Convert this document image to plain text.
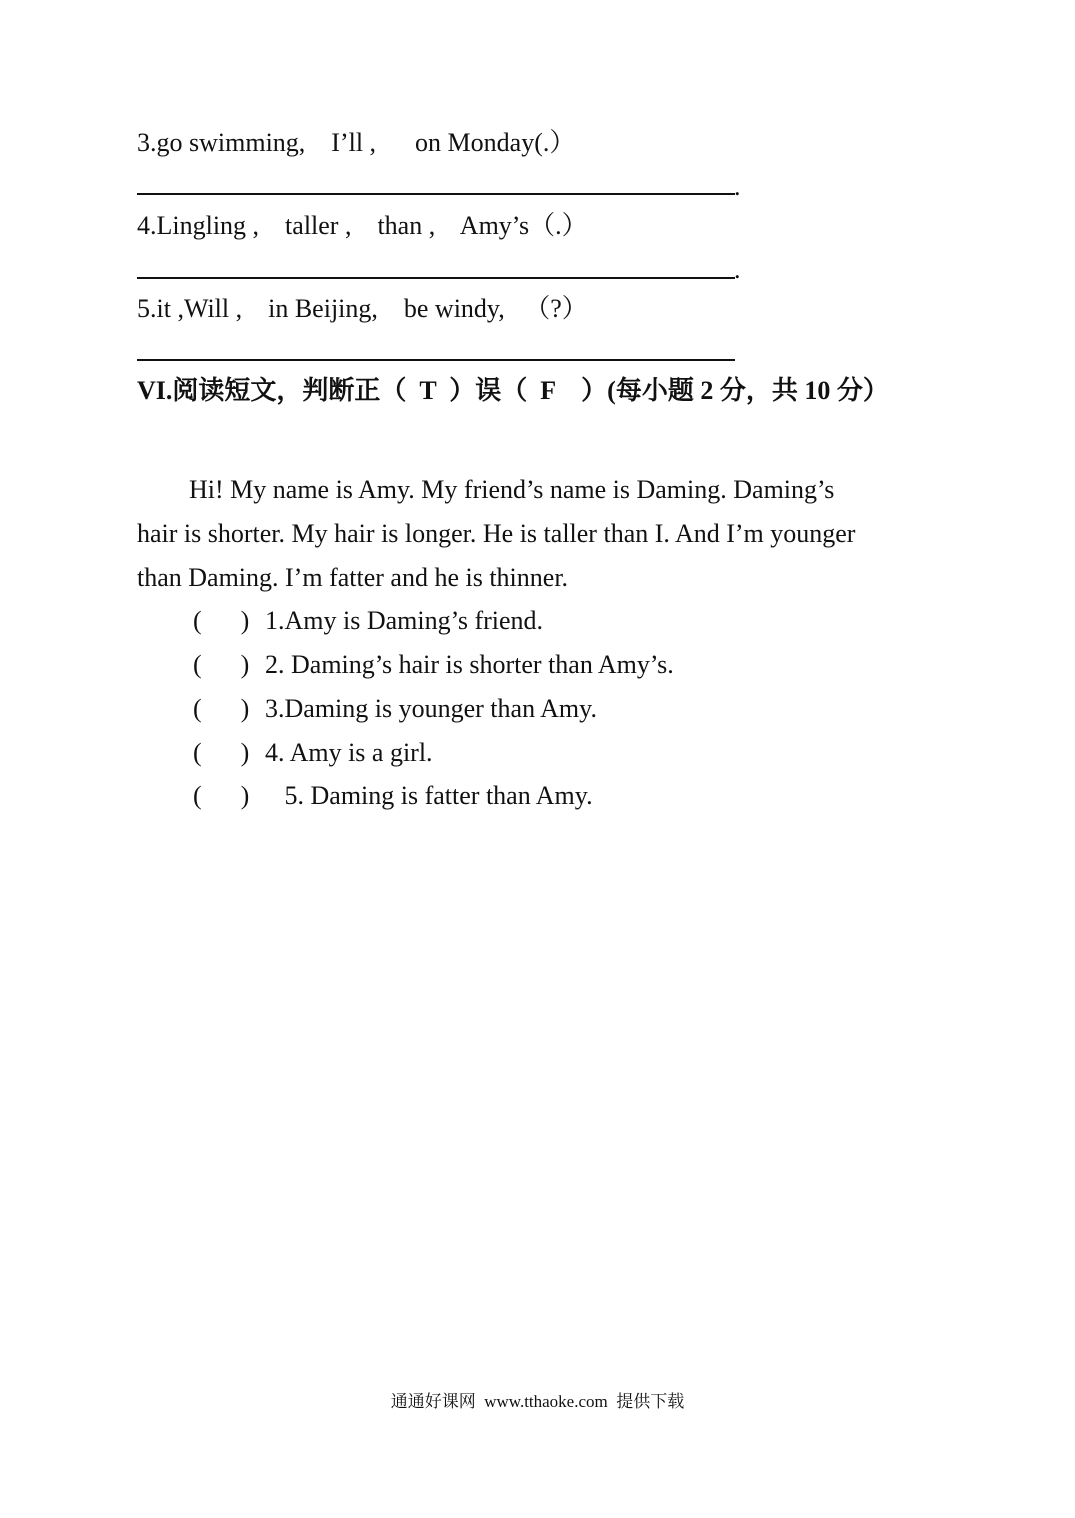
3.go swimming,    I’ll ,      on Monday(.）
.
4.Lingling ,    taller ,    than ,    Amy’s（.）
.
5.it ,Will ,    in Beijing,    be windy,   （?）
VI.阅读短文，判断正（  T  ）误（  F    ）(每小题 2 分，共 10 分）
Hi! My name is Amy. My friend’s name is Daming. Daming’s
hair is shorter. My hair is longer. He is taller than I. And I’m younger
than Daming. I’m fatter and he is thinner.
(      ) 1.Amy is Daming’s friend.
(      ) 2. Daming’s hair is shorter than Amy’s.
(      ) 3.Daming is younger than Amy.
(      ) 4. Amy is a girl.
(      )   5. Daming is fatter than Amy.
通通好课网  www.tthaoke.com  提供下载
